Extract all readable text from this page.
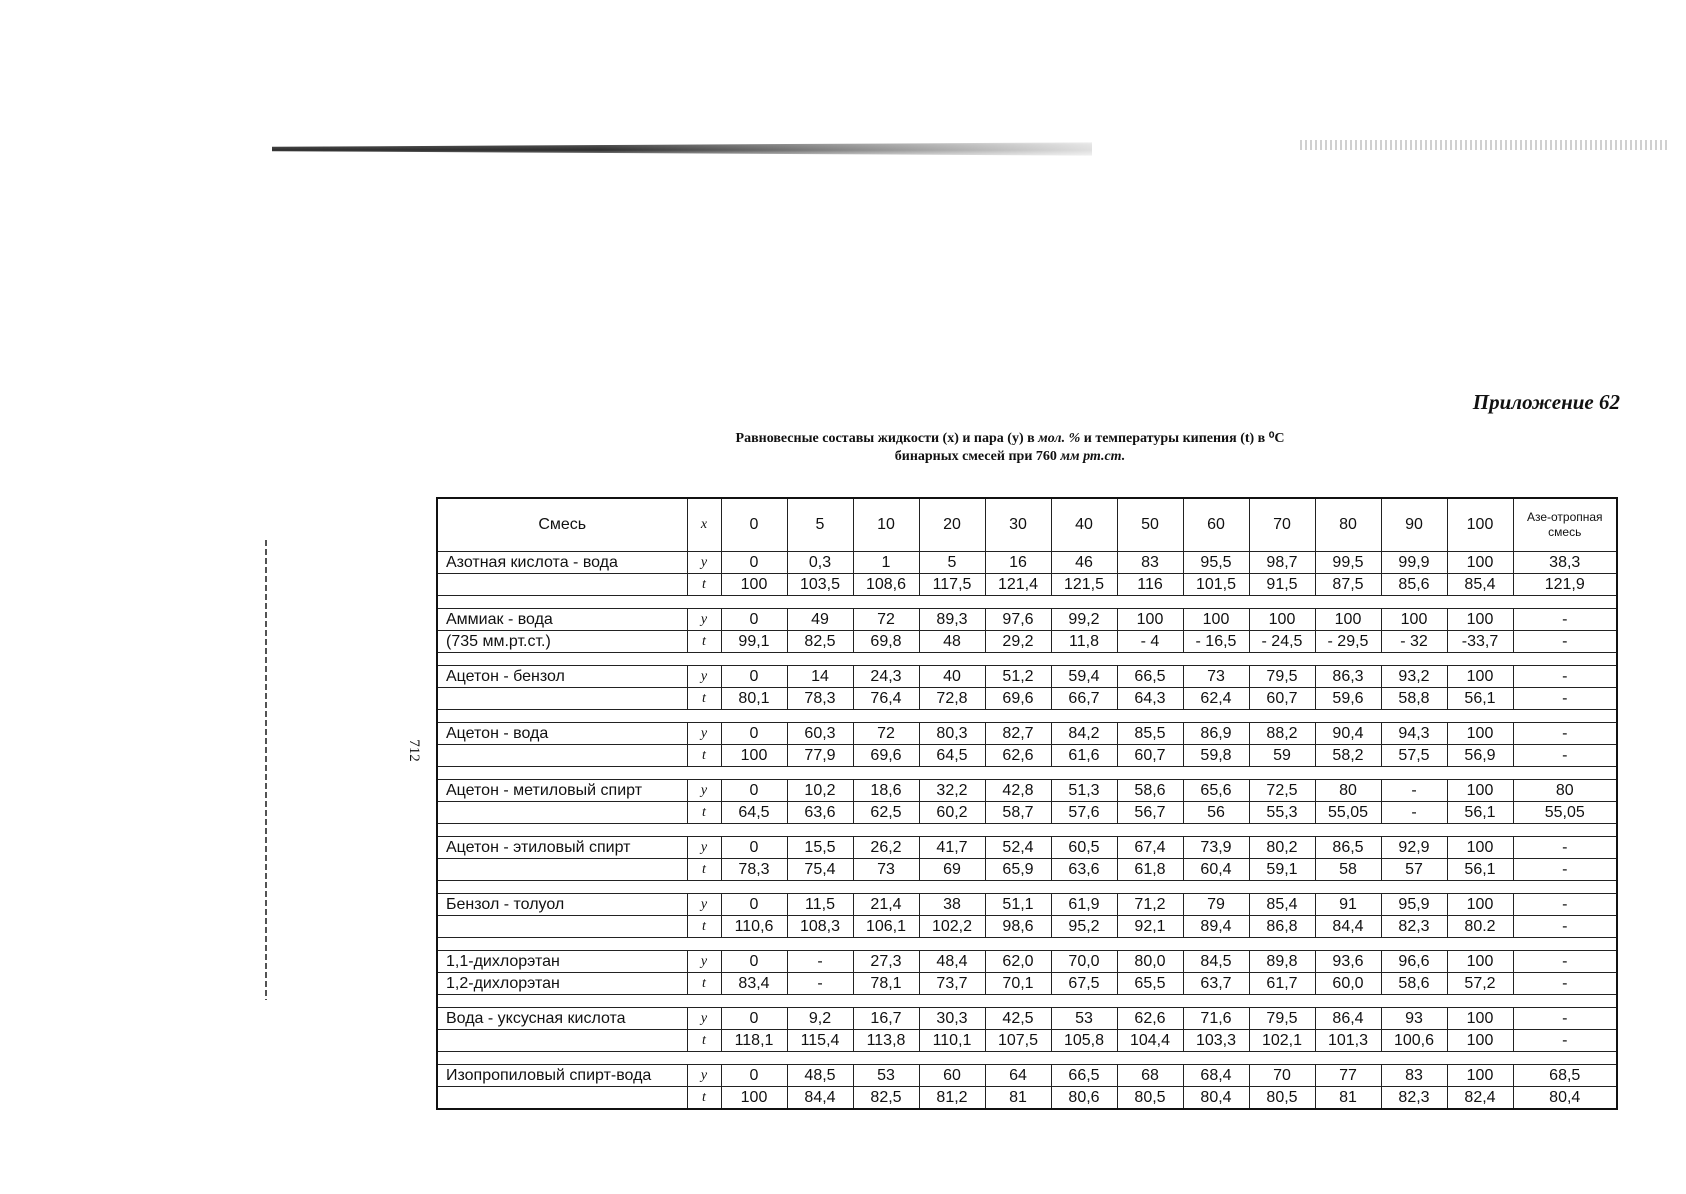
712
Приложение 62
Равновесные составы жидкости (x) и пара (y) в мол. % и температуры кипения (t) в ⁰C
бинарных смесей при 760 мм рт.ст.
Смесь	x	0	5	10	20	30	40	50	60	70	80	90	100	Азе-отропная смесь
Азотная кислота - вода	y	0	0,3	1	5	16	46	83	95,5	98,7	99,5	99,9	100	38,3
	t	100	103,5	108,6	117,5	121,4	121,5	116	101,5	91,5	87,5	85,6	85,4	121,9

Аммиак - вода	y	0	49	72	89,3	97,6	99,2	100	100	100	100	100	100	-
(735 мм.рт.ст.)	t	99,1	82,5	69,8	48	29,2	11,8	- 4	- 16,5	- 24,5	- 29,5	- 32	-33,7	-

Ацетон - бензол	y	0	14	24,3	40	51,2	59,4	66,5	73	79,5	86,3	93,2	100	-
	t	80,1	78,3	76,4	72,8	69,6	66,7	64,3	62,4	60,7	59,6	58,8	56,1	-

Ацетон - вода	y	0	60,3	72	80,3	82,7	84,2	85,5	86,9	88,2	90,4	94,3	100	-
	t	100	77,9	69,6	64,5	62,6	61,6	60,7	59,8	59	58,2	57,5	56,9	-

Ацетон - метиловый спирт	y	0	10,2	18,6	32,2	42,8	51,3	58,6	65,6	72,5	80	-	100	80
	t	64,5	63,6	62,5	60,2	58,7	57,6	56,7	56	55,3	55,05	-	56,1	55,05

Ацетон - этиловый спирт	y	0	15,5	26,2	41,7	52,4	60,5	67,4	73,9	80,2	86,5	92,9	100	-
	t	78,3	75,4	73	69	65,9	63,6	61,8	60,4	59,1	58	57	56,1	-

Бензол - толуол	y	0	11,5	21,4	38	51,1	61,9	71,2	79	85,4	91	95,9	100	-
	t	110,6	108,3	106,1	102,2	98,6	95,2	92,1	89,4	86,8	84,4	82,3	80.2	-

1,1-дихлорэтан	y	0	-	27,3	48,4	62,0	70,0	80,0	84,5	89,8	93,6	96,6	100	-
1,2-дихлорэтан	t	83,4	-	78,1	73,7	70,1	67,5	65,5	63,7	61,7	60,0	58,6	57,2	-

Вода - уксусная кислота	y	0	9,2	16,7	30,3	42,5	53	62,6	71,6	79,5	86,4	93	100	-
	t	118,1	115,4	113,8	110,1	107,5	105,8	104,4	103,3	102,1	101,3	100,6	100	-

Изопропиловый спирт-вода	y	0	48,5	53	60	64	66,5	68	68,4	70	77	83	100	68,5
	t	100	84,4	82,5	81,2	81	80,6	80,5	80,4	80,5	81	82,3	82,4	80,4
